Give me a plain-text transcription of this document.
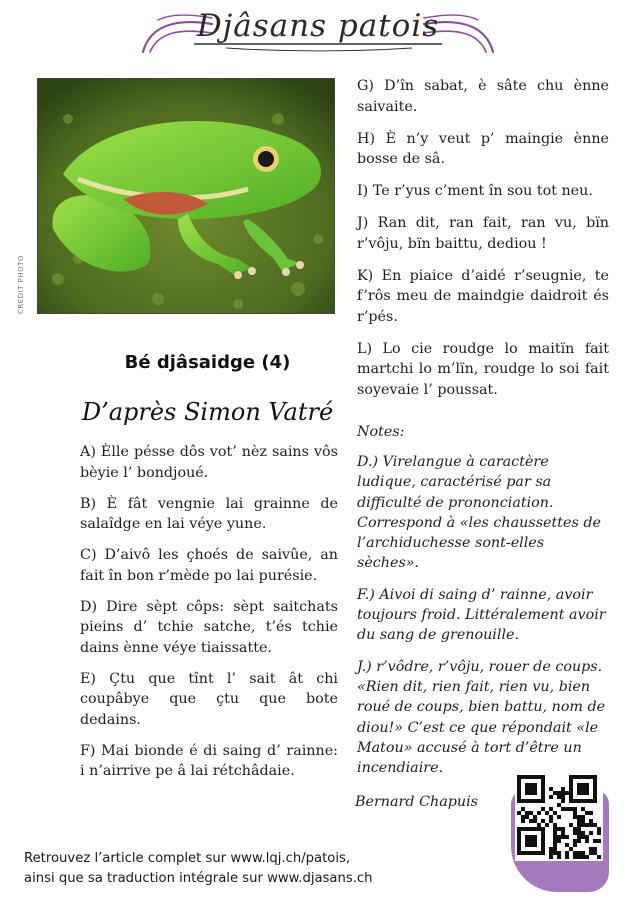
Djâsans patois
CRÉDIT PHOTO
Bé djâsaidge (4)
D’après Simon Vatré

A) Èlle pésse dôs vot’ nèz sains vôs bèyie l’ bondjoué.

B) È fât vengnie lai grainne de salaîdge en lai véye yune.

C) D’aivô les çhoés de saivûe, an fait în bon r’mède po lai purésie.

D) Dire sèpt côps: sèpt saitchats pieins d’ tchie satche, t’és tchie dains ènne véye tiaissatte.

E) Çtu que tînt l’ sait ât chi coupâbye que çtu que bote dedains.

F) Mai bionde é di saing d’ rainne: i n’airrive pe â lai rétchâdaie.

G) D’în sabat, è sâte chu ènne saivaite.

H) È n’y veut p’ maingie ènne bosse de sâ.

I) Te r’yus c’ment în sou tot neu.

J) Ran dit, ran fait, ran vu, bïn r’vôju, bïn baittu, dediou !

K) En piaice d’aidé r’seugnie, te f’rôs meu de maindgie daidroit és r’pés.

L) Lo cie roudge lo maitïn fait martchi lo m’lïn, roudge lo soi fait soyevaie l’ poussat.

Notes:

D.) Virelangue à caractère ludique, caractérisé par sa difficulté de prononciation. Correspond à «les chaussettes de l’archiduchesse sont-elles sèches».

F.) Aivoi di saing d’ rainne, avoir toujours froid. Littéralement avoir du sang de grenouille.

J.) r’vôdre, r’vôju, rouer de coups. «Rien dit, rien fait, rien vu, bien roué de coups, bien battu, nom de diou!» C’est ce que répondait «le Matou» accusé à tort d’être un incendiaire.

Bernard Chapuis
Retrouvez l’article complet sur www.lqj.ch/patois,
ainsi que sa traduction intégrale sur www.djasans.ch
